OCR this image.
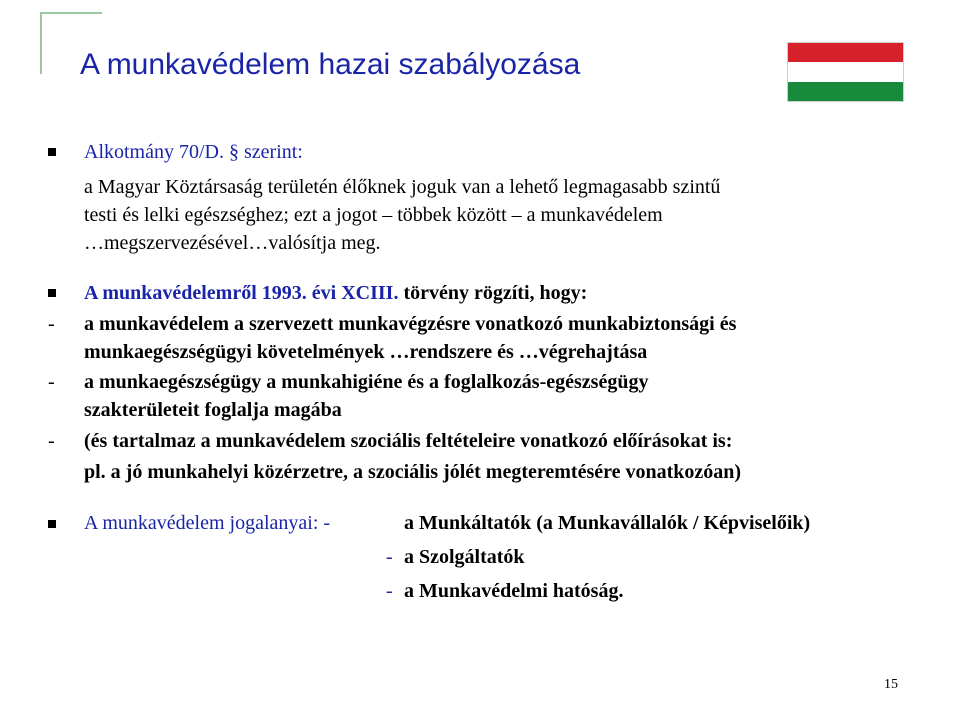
A munkavédelem hazai szabályozása
Alkotmány 70/D. § szerint:
a Magyar Köztársaság területén élőknek joguk van a lehető legmagasabb szintű
testi és lelki egészséghez; ezt a jogot – többek között – a munkavédelem
…megszervezésével…valósítja meg.
A munkavédelemről 1993. évi XCIII. törvény rögzíti, hogy:
- a munkavédelem a szervezett munkavégzésre vonatkozó munkabiztonsági és
munkaegészségügyi követelmények …rendszere és …végrehajtása
- a munkaegészségügy a munkahigiéne és a foglalkozás-egészségügy
szakterületeit foglalja magába
- (és tartalmaz a munkavédelem szociális feltételeire vonatkozó előírásokat is:
pl. a jó munkahelyi közérzetre, a szociális jólét megteremtésére vonatkozóan)
A munkavédelem jogalanyai: -	a Munkáltatók (a Munkavállalók / Képviselőik)
- a Szolgáltatók
- a Munkavédelmi hatóság.
15
